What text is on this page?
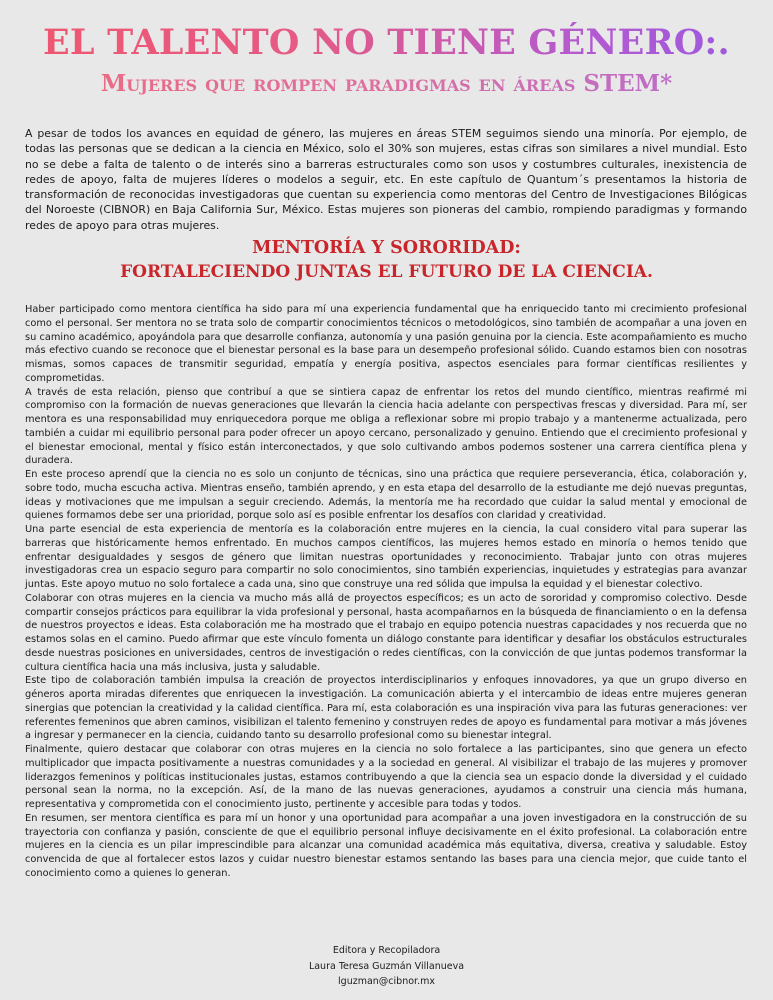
EL TALENTO NO TIENE GÉNERO:.
Mujeres que rompen paradigmas en áreas STEM*

A pesar de todos los avances en equidad de género, las mujeres en áreas STEM seguimos siendo una minoría. Por ejemplo, de todas las personas que se dedican a la ciencia en México, solo el 30% son mujeres, estas cifras son similares a nivel mundial. Esto no se debe a falta de talento o de interés sino a barreras estructurales como son usos y costumbres culturales, inexistencia de redes de apoyo, falta de mujeres líderes o modelos a seguir, etc. En este capítulo de Quantum´s presentamos la historia de transformación de reconocidas investigadoras que cuentan su experiencia como mentoras del Centro de Investigaciones Bilógicas del Noroeste (CIBNOR) en Baja California Sur, México. Estas mujeres son pioneras del cambio, rompiendo paradigmas y formando redes de apoyo para otras mujeres.

MENTORÍA Y SORORIDAD:
FORTALECIENDO JUNTAS EL FUTURO DE LA CIENCIA.

Haber participado como mentora científica ha sido para mí una experiencia fundamental que ha enriquecido tanto mi crecimiento profesional como el personal. Ser mentora no se trata solo de compartir conocimientos técnicos o metodológicos, sino también de acompañar a una joven en su camino académico, apoyándola para que desarrolle confianza, autonomía y una pasión genuina por la ciencia. Este acompañamiento es mucho más efectivo cuando se reconoce que el bienestar personal es la base para un desempeño profesional sólido. Cuando estamos bien con nosotras mismas, somos capaces de transmitir seguridad, empatía y energía positiva, aspectos esenciales para formar científicas resilientes y comprometidas.

A través de esta relación, pienso que contribuí a que se sintiera capaz de enfrentar los retos del mundo científico, mientras reafirmé mi compromiso con la formación de nuevas generaciones que llevarán la ciencia hacia adelante con perspectivas frescas y diversidad. Para mí, ser mentora es una responsabilidad muy enriquecedora porque me obliga a reflexionar sobre mi propio trabajo y a mantenerme actualizada, pero también a cuidar mi equilibrio personal para poder ofrecer un apoyo cercano, personalizado y genuino. Entiendo que el crecimiento profesional y el bienestar emocional, mental y físico están interconectados, y que solo cultivando ambos podemos sostener una carrera científica plena y duradera.

En este proceso aprendí que la ciencia no es solo un conjunto de técnicas, sino una práctica que requiere perseverancia, ética, colaboración y, sobre todo, mucha escucha activa. Mientras enseño, también aprendo, y en esta etapa del desarrollo de la estudiante me dejó nuevas preguntas, ideas y motivaciones que me impulsan a seguir creciendo. Además, la mentoría me ha recordado que cuidar la salud mental y emocional de quienes formamos debe ser una prioridad, porque solo así es posible enfrentar los desafíos con claridad y creatividad.

Una parte esencial de esta experiencia de mentoría es la colaboración entre mujeres en la ciencia, la cual considero vital para superar las barreras que históricamente hemos enfrentado. En muchos campos científicos, las mujeres hemos estado en minoría o hemos tenido que enfrentar desigualdades y sesgos de género que limitan nuestras oportunidades y reconocimiento. Trabajar junto con otras mujeres investigadoras crea un espacio seguro para compartir no solo conocimientos, sino también experiencias, inquietudes y estrategias para avanzar juntas. Este apoyo mutuo no solo fortalece a cada una, sino que construye una red sólida que impulsa la equidad y el bienestar colectivo.

Colaborar con otras mujeres en la ciencia va mucho más allá de proyectos específicos; es un acto de sororidad y compromiso colectivo. Desde compartir consejos prácticos para equilibrar la vida profesional y personal, hasta acompañarnos en la búsqueda de financiamiento o en la defensa de nuestros proyectos e ideas. Esta colaboración me ha mostrado que el trabajo en equipo potencia nuestras capacidades y nos recuerda que no estamos solas en el camino. Puedo afirmar que este vínculo fomenta un diálogo constante para identificar y desafiar los obstáculos estructurales desde nuestras posiciones en universidades, centros de investigación o redes científicas, con la convicción de que juntas podemos transformar la cultura científica hacia una más inclusiva, justa y saludable.

Este tipo de colaboración también impulsa la creación de proyectos interdisciplinarios y enfoques innovadores, ya que un grupo diverso en géneros aporta miradas diferentes que enriquecen la investigación. La comunicación abierta y el intercambio de ideas entre mujeres generan sinergias que potencian la creatividad y la calidad científica. Para mí, esta colaboración es una inspiración viva para las futuras generaciones: ver referentes femeninos que abren caminos, visibilizan el talento femenino y construyen redes de apoyo es fundamental para motivar a más jóvenes a ingresar y permanecer en la ciencia, cuidando tanto su desarrollo profesional como su bienestar integral.

Finalmente, quiero destacar que colaborar con otras mujeres en la ciencia no solo fortalece a las participantes, sino que genera un efecto multiplicador que impacta positivamente a nuestras comunidades y a la sociedad en general. Al visibilizar el trabajo de las mujeres y promover liderazgos femeninos y políticas institucionales justas, estamos contribuyendo a que la ciencia sea un espacio donde la diversidad y el cuidado personal sean la norma, no la excepción. Así, de la mano de las nuevas generaciones, ayudamos a construir una ciencia más humana, representativa y comprometida con el conocimiento justo, pertinente y accesible para todas y todos.

En resumen, ser mentora científica es para mí un honor y una oportunidad para acompañar a una joven investigadora en la construcción de su trayectoria con confianza y pasión, consciente de que el equilibrio personal influye decisivamente en el éxito profesional. La colaboración entre mujeres en la ciencia es un pilar imprescindible para alcanzar una comunidad académica más equitativa, diversa, creativa y saludable. Estoy convencida de que al fortalecer estos lazos y cuidar nuestro bienestar estamos sentando las bases para una ciencia mejor, que cuide tanto el conocimiento como a quienes lo generan.

Editora y Recopiladora
Laura Teresa Guzmán Villanueva
lguzman@cibnor.mx
